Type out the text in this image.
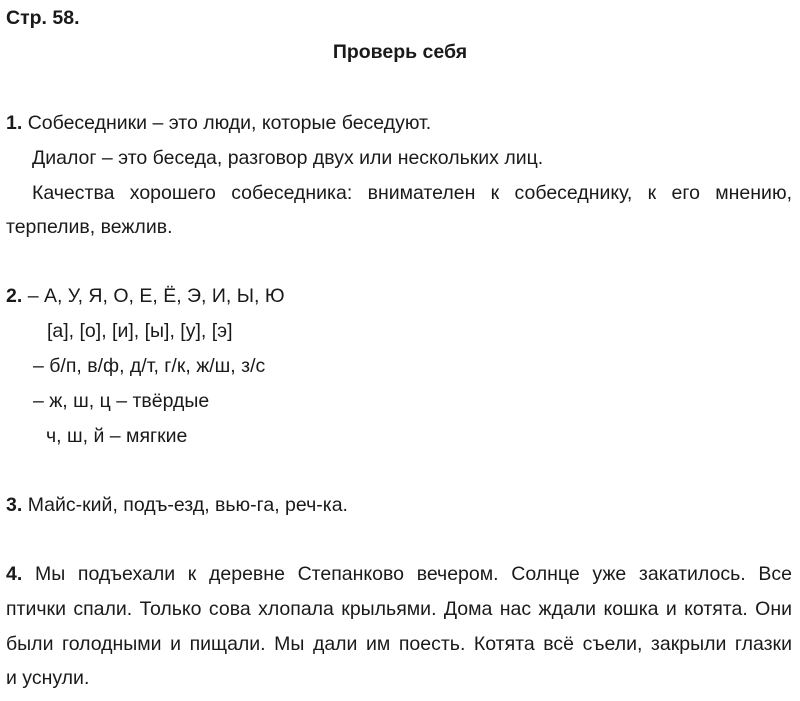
Стр. 58.
Проверь себя
1. Собеседники – это люди, которые беседуют.
Диалог – это беседа, разговор двух или нескольких лиц.
Качества хорошего собеседника: внимателен к собеседнику, к его мнению,
терпелив, вежлив.
2. – А, У, Я, О, Е, Ё, Э, И, Ы, Ю
[а], [о], [и], [ы], [у], [э]
– б/п, в/ф, д/т, г/к, ж/ш, з/с
– ж, ш, ц – твёрдые
ч, ш, й – мягкие
3. Майс-кий, подъ-езд, вью-га, реч-ка.
4. Мы подъехали к деревне Степанково вечером. Солнце уже закатилось. Все
птички спали. Только сова хлопала крыльями. Дома нас ждали кошка и котята. Они
были голодными и пищали. Мы дали им поесть. Котята всё съели, закрыли глазки
и уснули.
